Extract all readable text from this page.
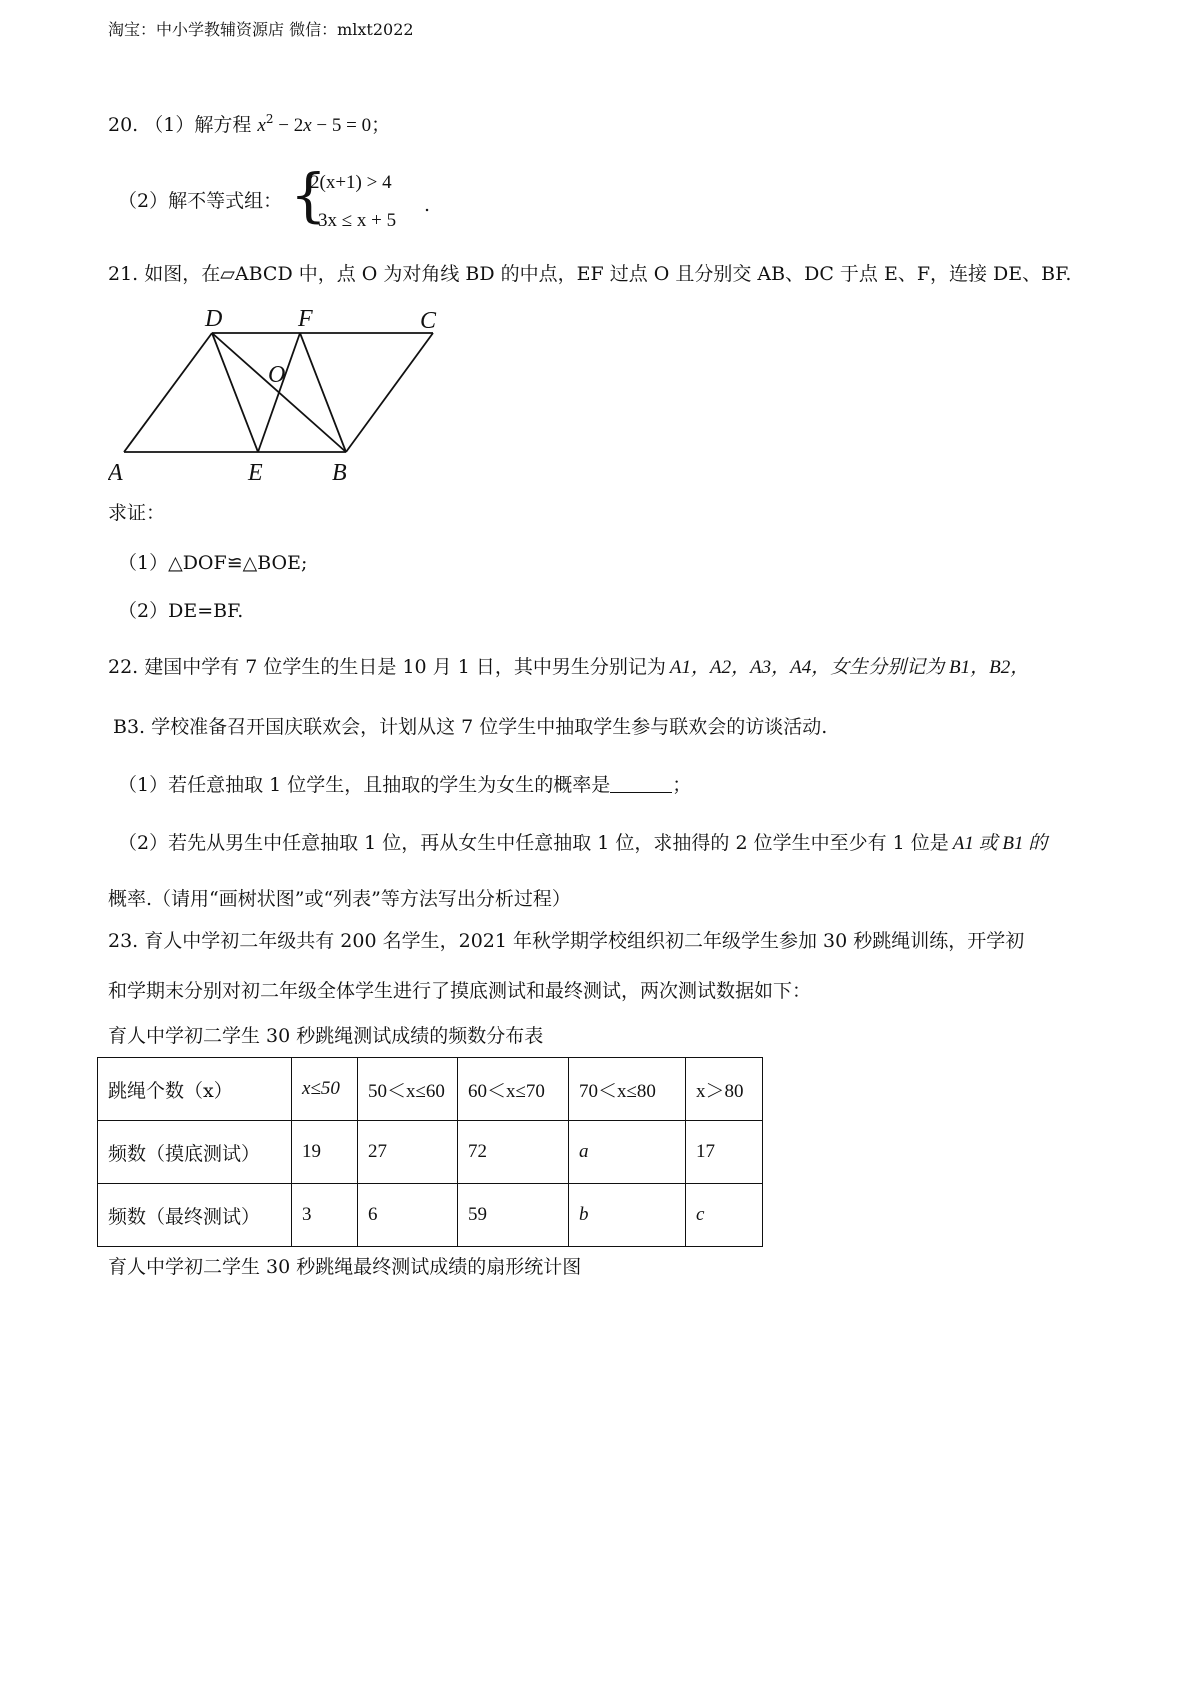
淘宝：中小学教辅资源店 微信：mlxt2022
20. （1）解方程 $x^2 - 2x - 5 = 0$；
（2）解不等式组： {
2(x+1) > 4
3x ≤ x + 5
.
21. 如图，在▱ABCD 中，点 O 为对角线 BD 的中点，EF 过点 O 且分别交 AB、DC 于点 E、F，连接 DE、BF.
A	E	B
D	F	C
O
求证：
（1）△DOF≌△BOE;
（2）DE=BF.
22. 建国中学有 7 位学生的生日是 10 月 1 日，其中男生分别记为 A1，A2，A3，A4，女生分别记为 B1，B2，
B3. 学校准备召开国庆联欢会，计划从这 7 位学生中抽取学生参与联欢会的访谈活动.
（1）若任意抽取 1 位学生，且抽取的学生为女生的概率是	；
（2）若先从男生中任意抽取 1 位，再从女生中任意抽取 1 位，求抽得的 2 位学生中至少有 1 位是 A1 或 B1 的
概率.（请用“画树状图”或“列表”等方法写出分析过程）
23. 育人中学初二年级共有 200 名学生，2021 年秋学期学校组织初二年级学生参加 30 秒跳绳训练，开学初
和学期末分别对初二年级全体学生进行了摸底测试和最终测试，两次测试数据如下：
育人中学初二学生 30 秒跳绳测试成绩的频数分布表
跳绳个数（x）	x≤50	50＜x≤60	60＜x≤70	70＜x≤80	x＞80
频数（摸底测试）	19	27	72	a	17
频数（最终测试）	3	6	59	b	c
育人中学初二学生 30 秒跳绳最终测试成绩的扇形统计图
